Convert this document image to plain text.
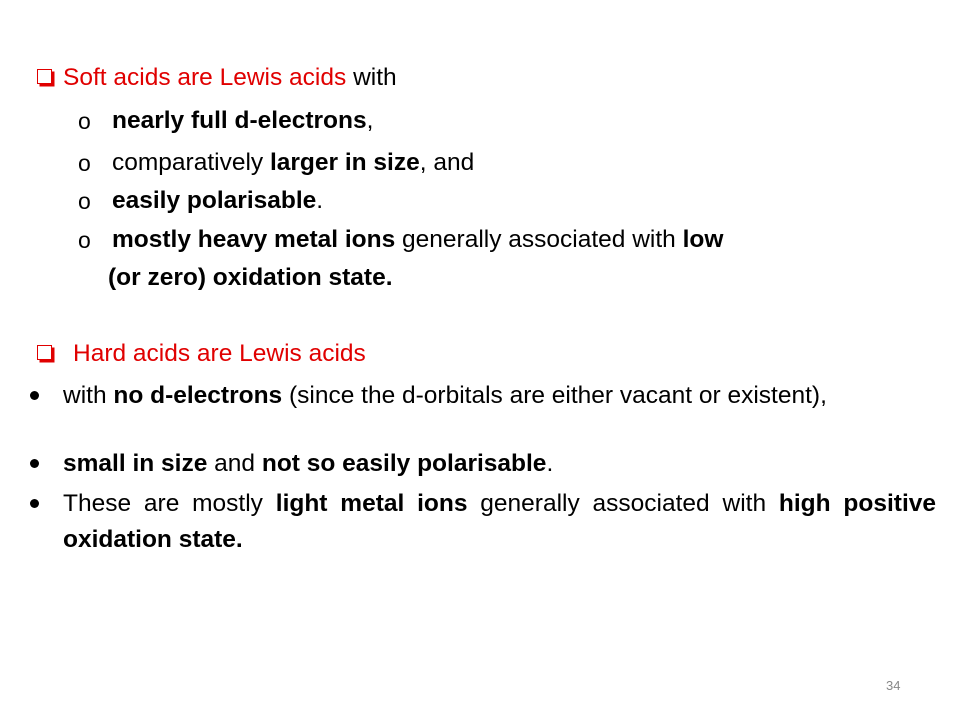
Soft acids are Lewis acids with
o nearly full d-electrons,
o comparatively larger in size, and
o easily polarisable.
o mostly heavy metal ions generally associated with low
(or zero) oxidation state.
Hard acids are Lewis acids
with no d-electrons (since the d-orbitals are either vacant or existent),
small in size and not so easily polarisable.
These are mostly light metal ions generally associated with high positive oxidation state.
34
